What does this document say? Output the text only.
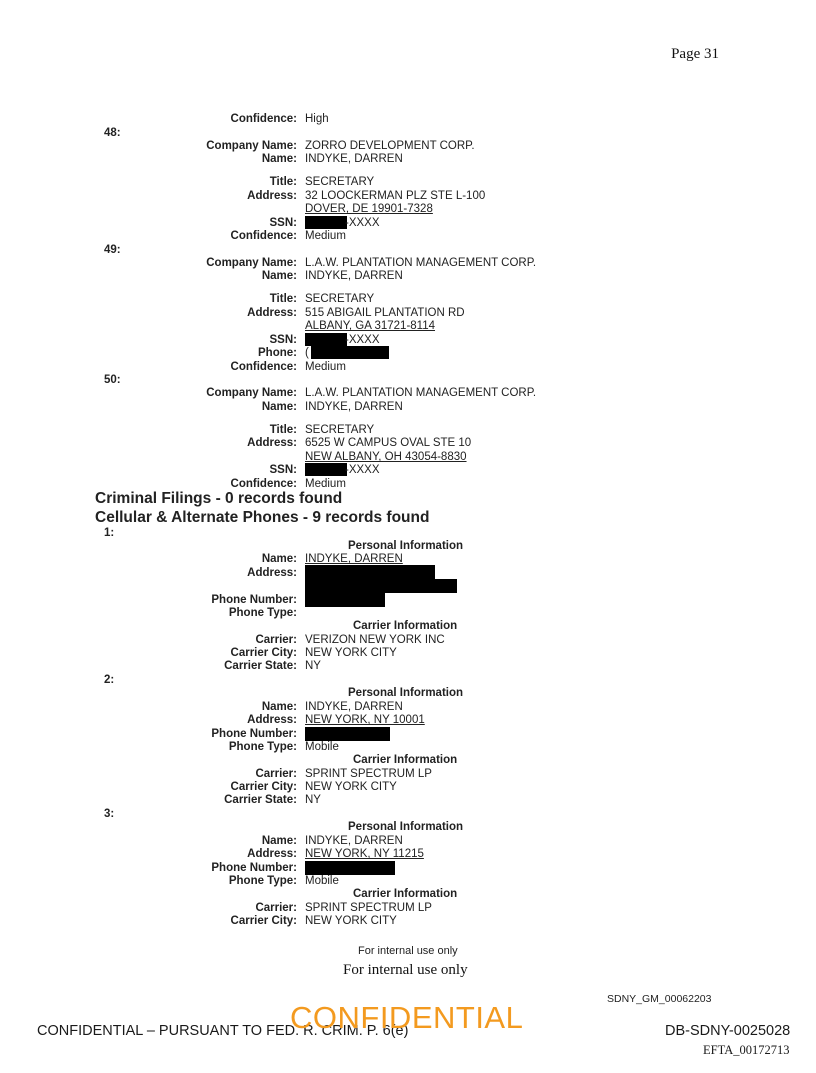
Page 31
Confidence: High
48:
Company Name: ZORRO DEVELOPMENT CORP.
Name: INDYKE, DARREN
Title: SECRETARY
Address: 32 LOOCKERMAN PLZ STE L-100
DOVER, DE 19901-7328
SSN:	-XXXX
Confidence: Medium
49:
Company Name: L.A.W. PLANTATION MANAGEMENT CORP.
Name: INDYKE, DARREN
Title: SECRETARY
Address: 515 ABIGAIL PLANTATION RD
ALBANY, GA 31721-8114
SSN:	-XXXX
Phone: (
Confidence: Medium
50:
Company Name: L.A.W. PLANTATION MANAGEMENT CORP.
Name: INDYKE, DARREN
Title: SECRETARY
Address: 6525 W CAMPUS OVAL STE 10
NEW ALBANY, OH 43054-8830
SSN:	-XXXX
Confidence: Medium
Criminal Filings - 0 records found
Cellular & Alternate Phones - 9 records found
1:
Personal Information
Name: INDYKE, DARREN
Address:
Phone Number:
Phone Type:
Carrier Information
Carrier: VERIZON NEW YORK INC
Carrier City: NEW YORK CITY
Carrier State: NY
2:
Personal Information
Name: INDYKE, DARREN
Address: NEW YORK, NY 10001
Phone Number:
Phone Type: Mobile
Carrier Information
Carrier: SPRINT SPECTRUM LP
Carrier City: NEW YORK CITY
Carrier State: NY
3:
Personal Information
Name: INDYKE, DARREN
Address: NEW YORK, NY 11215
Phone Number:
Phone Type: Mobile
Carrier Information
Carrier: SPRINT SPECTRUM LP
Carrier City: NEW YORK CITY
For internal use only
For internal use only
SDNY_GM_00062203
CONFIDENTIAL – PURSUANT TO FED. R. CRIM. P. 6(e)
CONFIDENTIAL	DB-SDNY-0025028
EFTA_00172713
